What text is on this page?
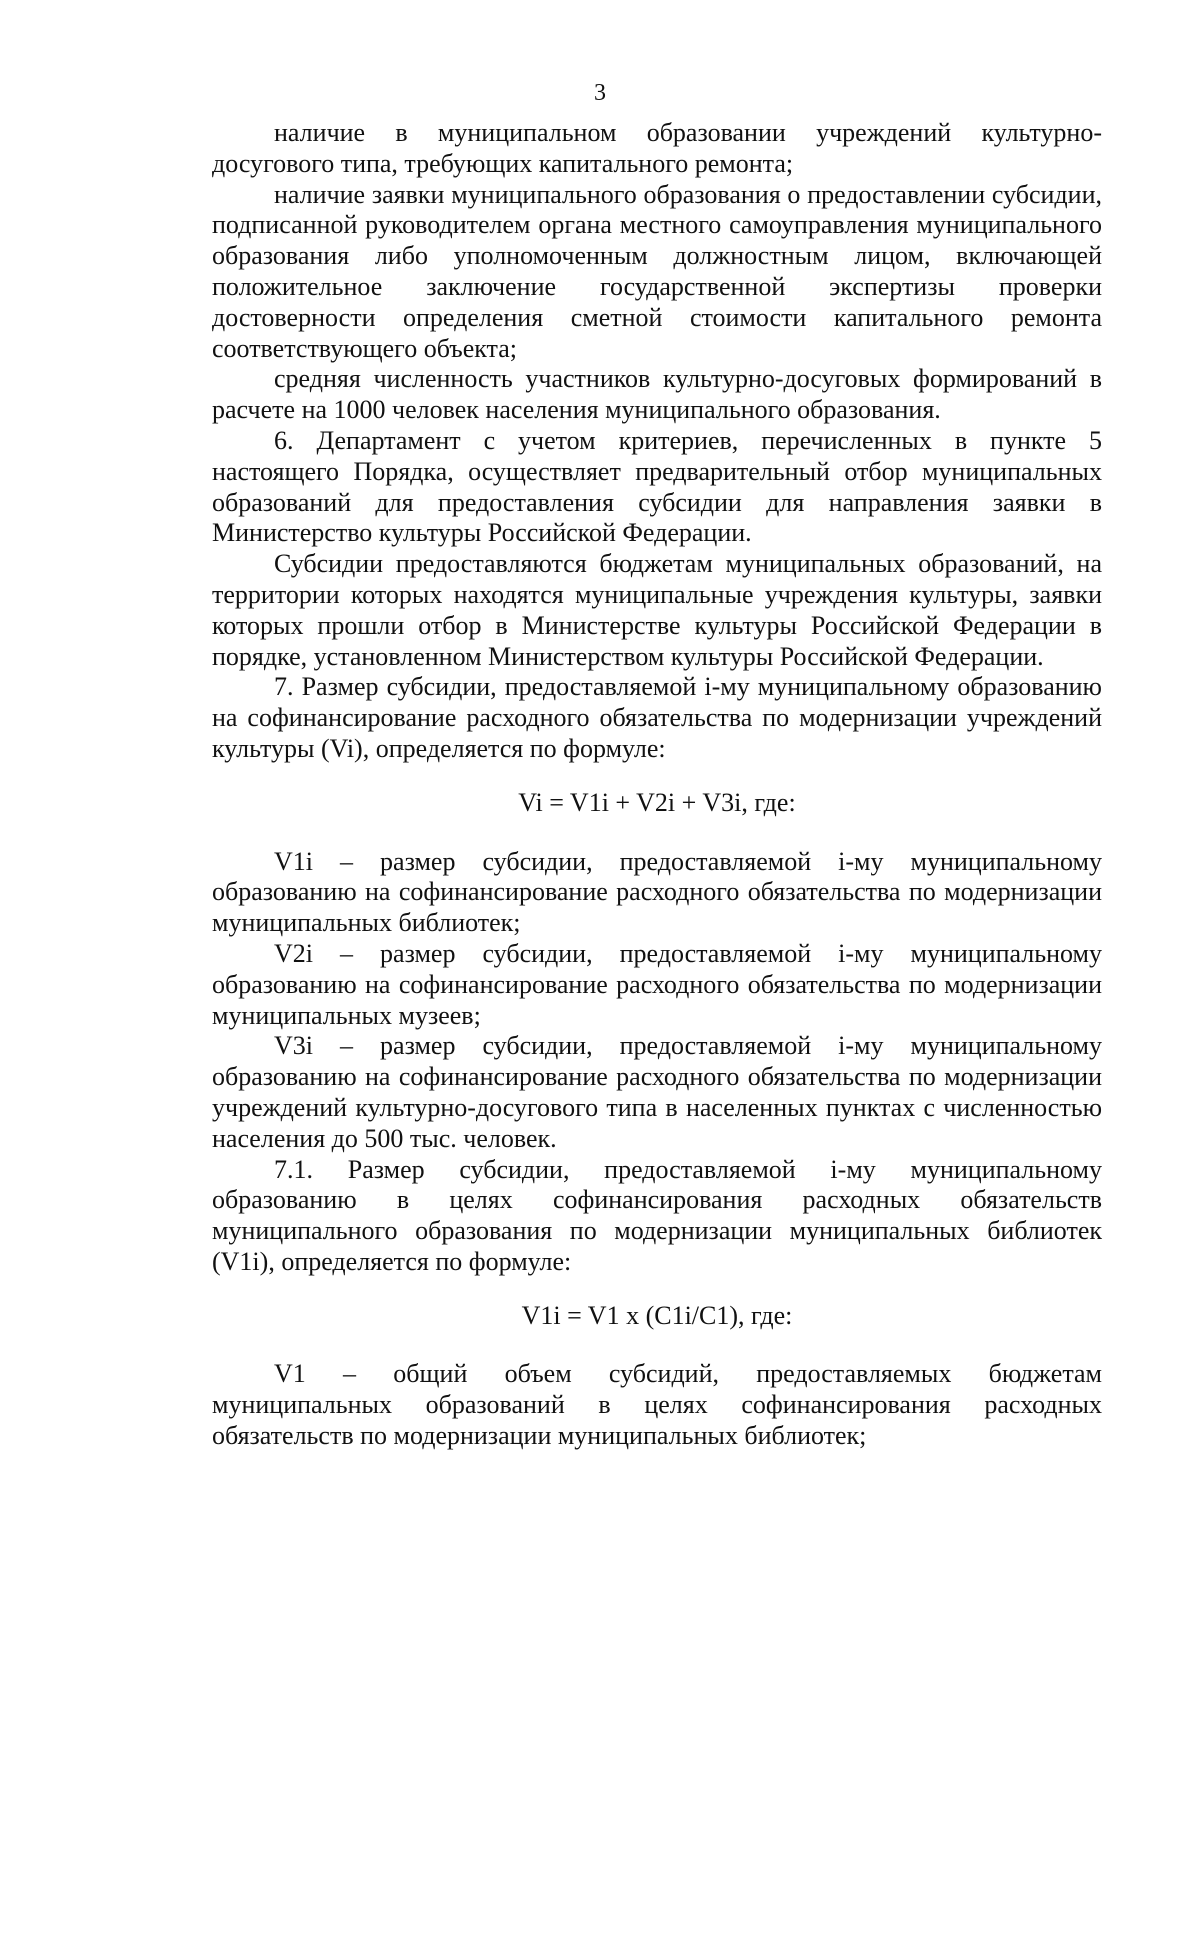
3

наличие в муниципальном образовании учреждений культурно-досугового типа, требующих капитального ремонта;

наличие заявки муниципального образования о предоставлении субсидии, подписанной руководителем органа местного самоуправления муниципального образования либо уполномоченным должностным лицом, включающей положительное заключение государственной экспертизы проверки достоверности определения сметной стоимости капитального ремонта соответствующего объекта;

средняя численность участников культурно-досуговых формирований в расчете на 1000 человек населения муниципального образования.

6. Департамент с учетом критериев, перечисленных в пункте 5 настоящего Порядка, осуществляет предварительный отбор муниципальных образований для предоставления субсидии для направления заявки в Министерство культуры Российской Федерации.

Субсидии предоставляются бюджетам муниципальных образований, на территории которых находятся муниципальные учреждения культуры, заявки которых прошли отбор в Министерстве культуры Российской Федерации в порядке, установленном Министерством культуры Российской Федерации.

7. Размер субсидии, предоставляемой i-му муниципальному образованию на софинансирование расходного обязательства по модернизации учреждений культуры (Vi), определяется по формуле:

Vi = V1i + V2i + V3i, где:

V1i – размер субсидии, предоставляемой i-му муниципальному образованию на софинансирование расходного обязательства по модернизации муниципальных библиотек;

V2i – размер субсидии, предоставляемой i-му муниципальному образованию на софинансирование расходного обязательства по модернизации муниципальных музеев;

V3i – размер субсидии, предоставляемой i-му муниципальному образованию на софинансирование расходного обязательства по модернизации учреждений культурно-досугового типа в населенных пунктах с численностью населения до 500 тыс. человек.

7.1. Размер субсидии, предоставляемой i-му муниципальному образованию в целях софинансирования расходных обязательств муниципального образования по модернизации муниципальных библиотек (V1i), определяется по формуле:

V1i = V1 x (C1i/C1), где:

V1 – общий объем субсидий, предоставляемых бюджетам муниципальных образований в целях софинансирования расходных обязательств по модернизации муниципальных библиотек;
